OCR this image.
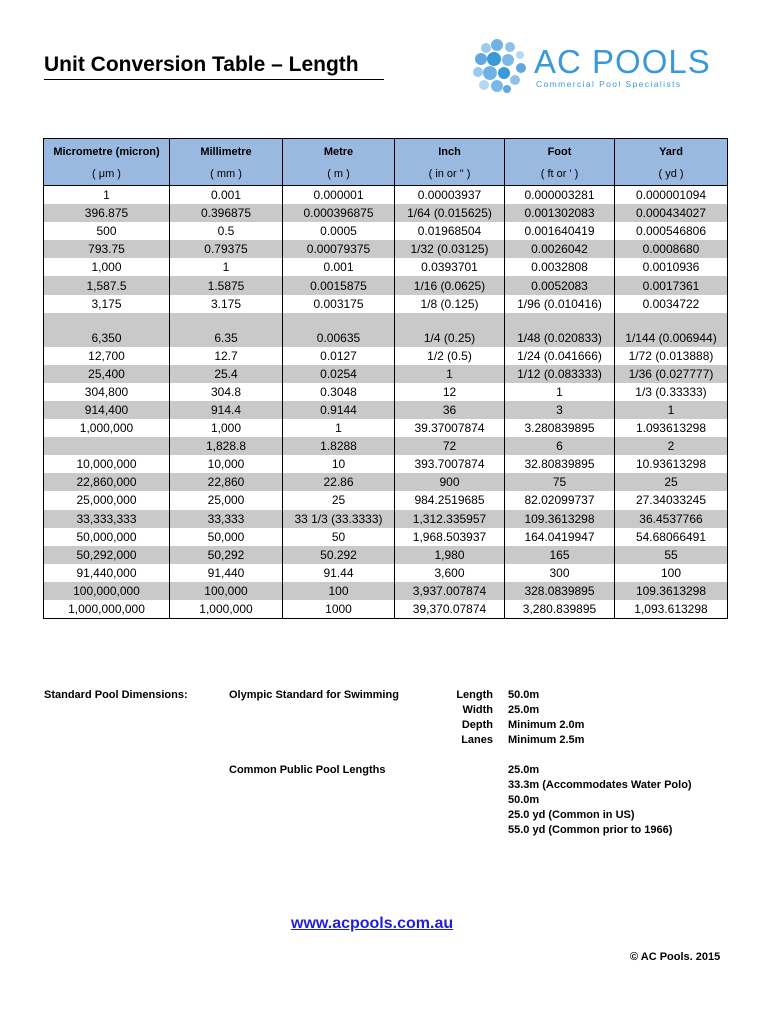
Unit Conversion Table – Length	AC POOLS
Commercial Pool Specialists
Micrometre (micron)	Millimetre	Metre	Inch	Foot	Yard
( μm )	( mm )	( m )	( in or " )	( ft or ' )	( yd )
1	0.001	0.000001	0.00003937	0.000003281	0.000001094
396.875	0.396875	0.000396875	1/64 (0.015625)	0.001302083	0.000434027
500	0.5	0.0005	0.01968504	0.001640419	0.000546806
793.75	0.79375	0.00079375	1/32 (0.03125)	0.0026042	0.0008680
1,000	1	0.001	0.0393701	0.0032808	0.0010936
1,587.5	1.5875	0.0015875	1/16 (0.0625)	0.0052083	0.0017361
3,175	3.175	0.003175	1/8 (0.125)	1/96 (0.010416)	0.0034722
6,350	6.35	0.00635	1/4 (0.25)	1/48 (0.020833)	1/144 (0.006944)
12,700	12.7	0.0127	1/2 (0.5)	1/24 (0.041666)	1/72 (0.013888)
25,400	25.4	0.0254	1	1/12 (0.083333)	1/36 (0.027777)
304,800	304.8	0.3048	12	1	1/3 (0.33333)
914,400	914.4	0.9144	36	3	1
1,000,000	1,000	1	39.37007874	3.280839895	1.093613298
	1,828.8	1.8288	72	6	2
10,000,000	10,000	10	393.7007874	32.80839895	10.93613298
22,860,000	22,860	22.86	900	75	25
25,000,000	25,000	25	984.2519685	82.02099737	27.34033245
33,333,333	33,333	33 1/3 (33.3333)	1,312.335957	109.3613298	36.4537766
50,000,000	50,000	50	1,968.503937	164.0419947	54.68066491
50,292,000	50,292	50.292	1,980	165	55
91,440,000	91,440	91.44	3,600	300	100
100,000,000	100,000	100	3,937.007874	328.0839895	109.3613298
1,000,000,000	1,000,000	1000	39,370.07874	3,280.839895	1,093.613298
Standard Pool Dimensions:	Olympic Standard for Swimming	Length 50.0m
Width 25.0m
Depth Minimum 2.0m
Lanes Minimum 2.5m
Common Public Pool Lengths	25.0m
33.3m (Accommodates Water Polo)
50.0m
25.0 yd (Common in US)
55.0 yd (Common prior to 1966)
www.acpools.com.au
© AC Pools. 2015
